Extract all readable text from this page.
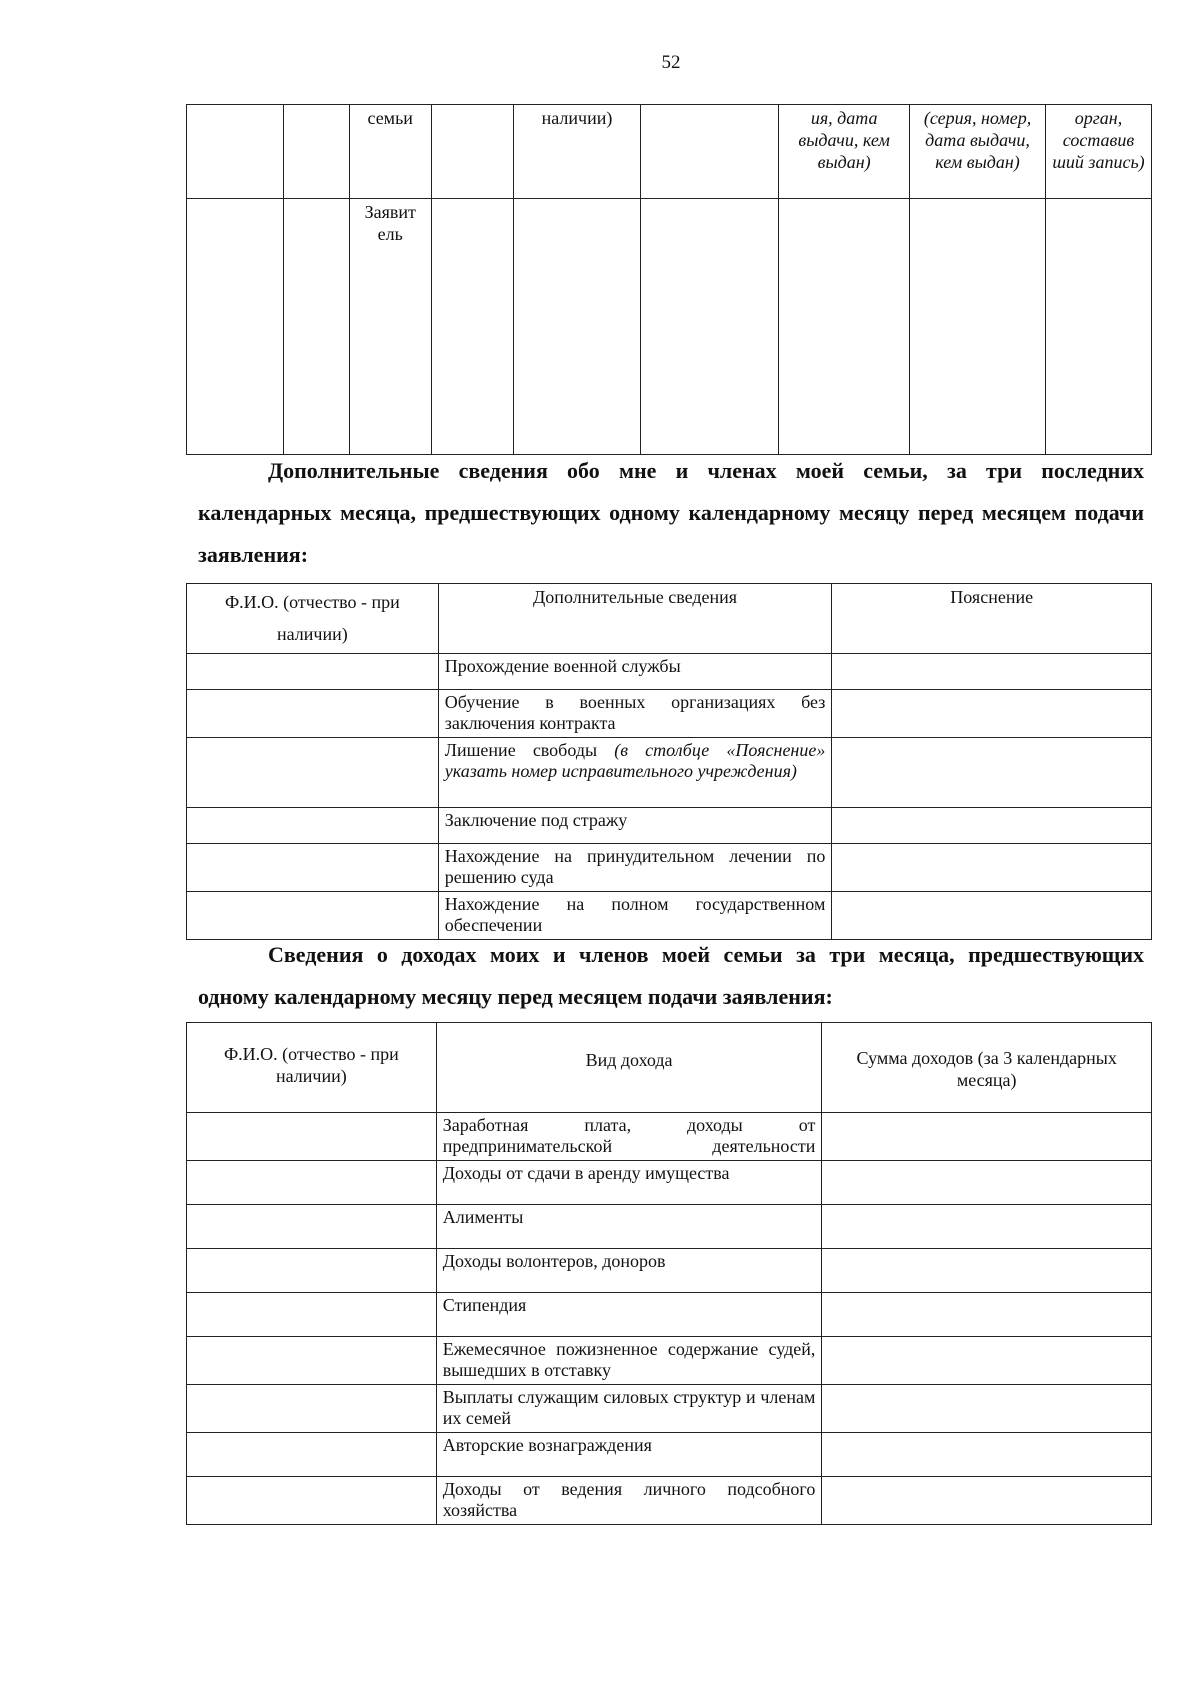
52
		семьи		наличии)		ия, дата выдачи, кем выдан)	(серия, номер, дата выдачи, кем выдан)	орган, составив ший запись)
		Заявит ель						
Дополнительные сведения обо мне и членах моей семьи, за три последних
календарных месяца, предшествующих одному календарному месяцу перед месяцем подачи заявления:
Ф.И.О. (отчество - при наличии)	Дополнительные сведения	Пояснение
	Прохождение военной службы	
	Обучение в военных организациях без заключения контракта	
	Лишение свободы (в столбце «Пояснение» указать номер исправительного учреждения)	
	Заключение под стражу	
	Нахождение на принудительном лечении по решению суда	
	Нахождение на полном государственном обеспечении	
Сведения о доходах моих и членов моей семьи за три месяца, предшествующих
одному календарному месяцу перед месяцем подачи заявления:
Ф.И.О. (отчество - при наличии)	Вид дохода	Сумма доходов (за 3 календарных месяца)
	Заработная плата, доходы от предпринимательской деятельности	
	Доходы от сдачи в аренду имущества	
	Алименты	
	Доходы волонтеров, доноров	
	Стипендия	
	Ежемесячное пожизненное содержание судей, вышедших в отставку	
	Выплаты служащим силовых структур и членам их семей	
	Авторские вознаграждения	
	Доходы от ведения личного подсобного хозяйства	
